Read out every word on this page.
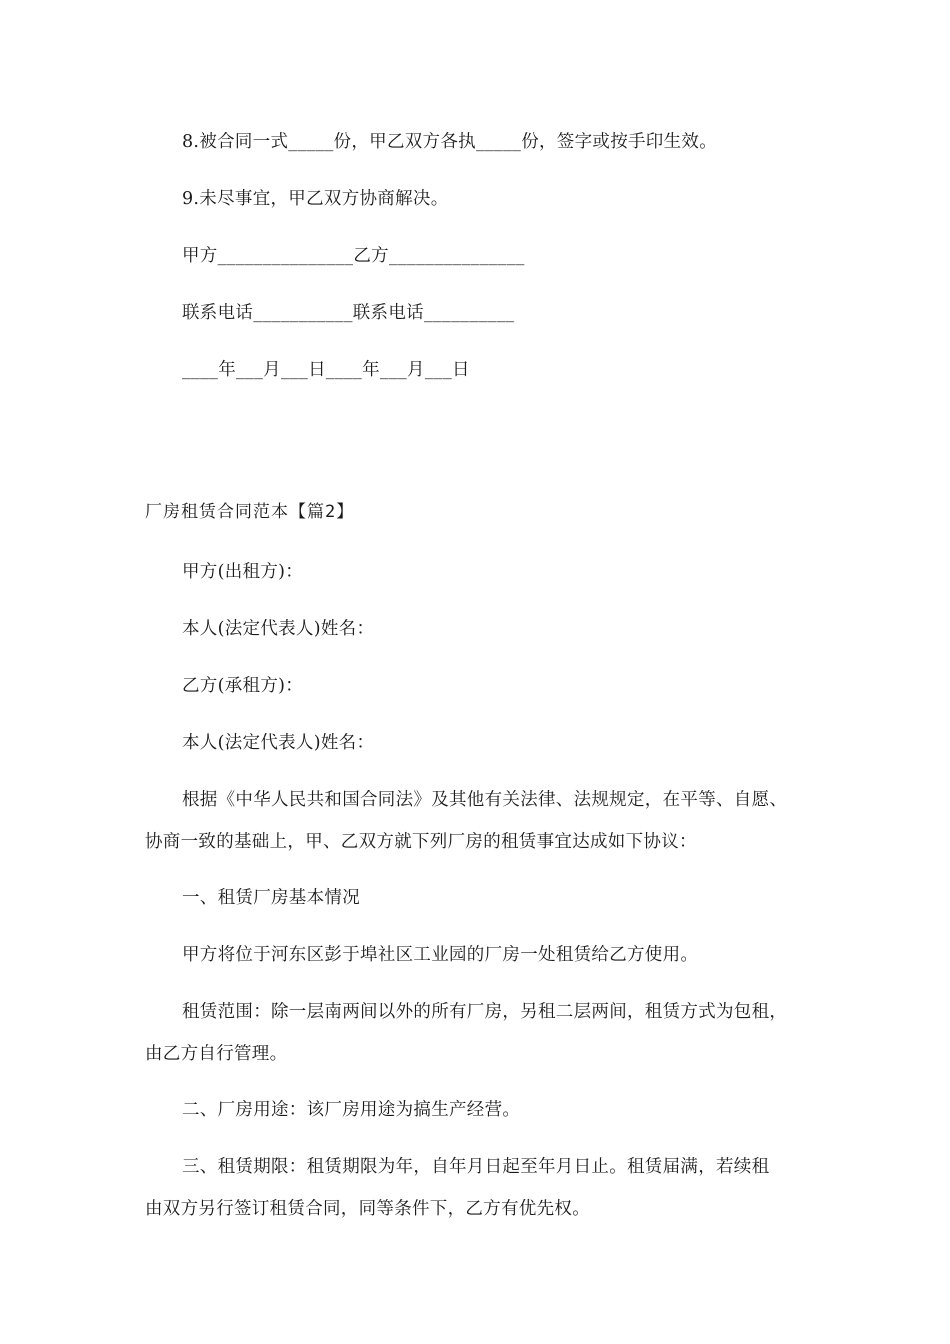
8.被合同一式_____份，甲乙双方各执_____份，签字或按手印生效。
9.未尽事宜，甲乙双方协商解决。
甲方_______________乙方_______________
联系电话___________联系电话__________
____年___月___日____年___月___日
厂房租赁合同范本【篇2】
甲方(出租方)：
本人(法定代表人)姓名：
乙方(承租方)：
本人(法定代表人)姓名：
根据《中华人民共和国合同法》及其他有关法律、法规规定，在平等、自愿、
协商一致的基础上，甲、乙双方就下列厂房的租赁事宜达成如下协议：
一、租赁厂房基本情况
甲方将位于河东区彭于埠社区工业园的厂房一处租赁给乙方使用。
租赁范围：除一层南两间以外的所有厂房，另租二层两间，租赁方式为包租，
由乙方自行管理。
二、厂房用途：该厂房用途为搞生产经营。
三、租赁期限：租赁期限为年，自年月日起至年月日止。租赁届满，若续租
由双方另行签订租赁合同，同等条件下，乙方有优先权。
